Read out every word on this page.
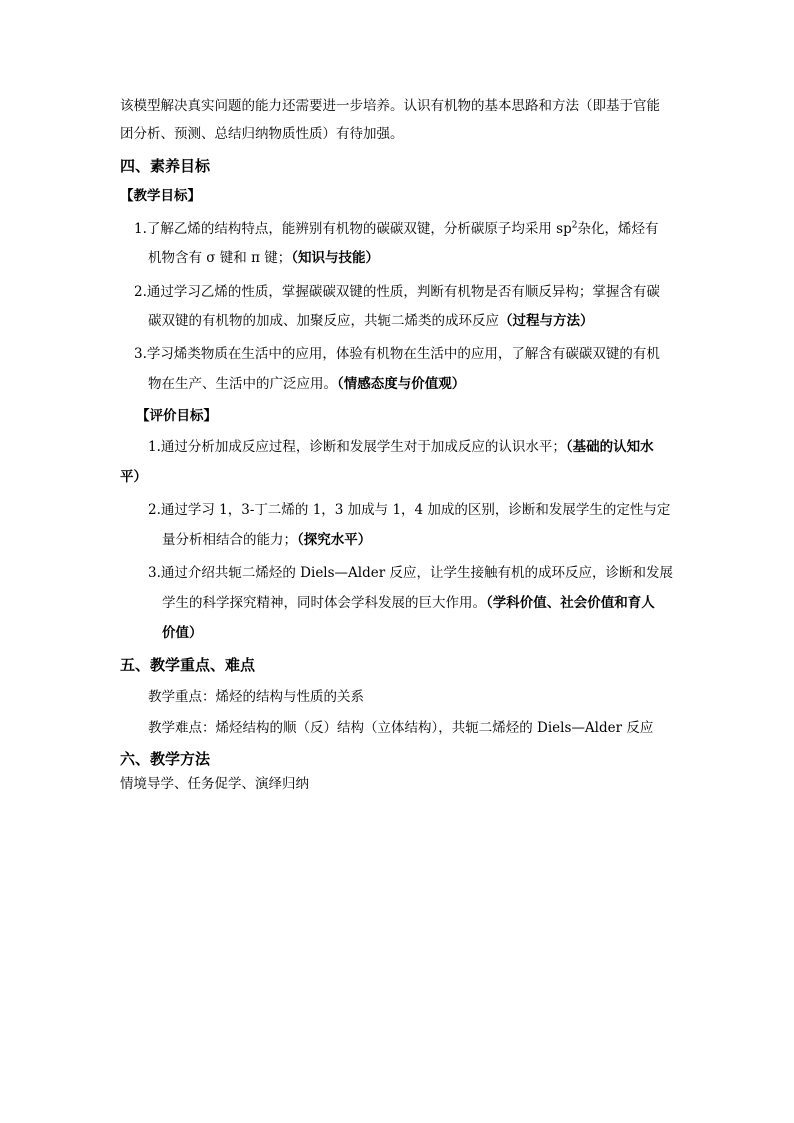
该模型解决真实问题的能力还需要进一步培养。认识有机物的基本思路和方法（即基于官能
团分析、预测、总结归纳物质性质）有待加强。
四、素养目标
【教学目标】
1.了解乙烯的结构特点，能辨别有机物的碳碳双键，分析碳原子均采用 $sp^2$杂化，烯烃有
机物含有 σ 键和 π 键；（知识与技能）
2.通过学习乙烯的性质，掌握碳碳双键的性质，判断有机物是否有顺反异构；掌握含有碳
碳双键的有机物的加成、加聚反应，共轭二烯类的成环反应（过程与方法）
3.学习烯类物质在生活中的应用，体验有机物在生活中的应用，了解含有碳碳双键的有机
物在生产、生活中的广泛应用。（情感态度与价值观）
【评价目标】
1.通过分析加成反应过程，诊断和发展学生对于加成反应的认识水平；（基础的认知水
平）
2.通过学习 1，3-丁二烯的 1，3 加成与 1，4 加成的区别，诊断和发展学生的定性与定
量分析相结合的能力；（探究水平）
3.通过介绍共轭二烯烃的 Diels—Alder 反应，让学生接触有机的成环反应，诊断和发展
学生的科学探究精神，同时体会学科发展的巨大作用。（学科价值、社会价值和育人
价值）
五、教学重点、难点
教学重点：烯烃的结构与性质的关系
教学难点：烯烃结构的顺（反）结构（立体结构），共轭二烯烃的 Diels—Alder 反应
六、教学方法
情境导学、任务促学、演绎归纳
